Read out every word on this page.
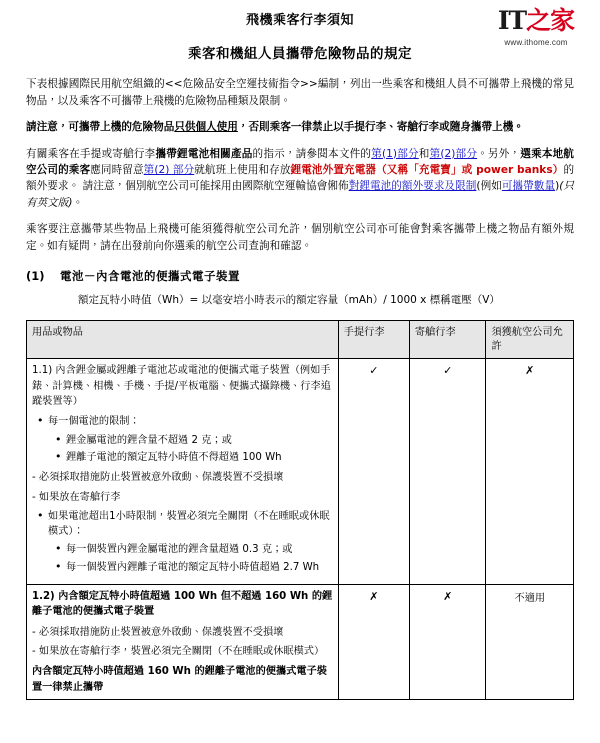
IT之家
www.ithome.com
飛機乘客行李須知
乘客和機組人員攜帶危險物品的規定

下表根據國際民用航空組織的<<危險品安全空運技術指令>>編制，列出一些乘客和機組人員不可攜帶上飛機的常見物品，以及乘客不可攜帶上飛機的危險物品種類及限制。

請注意，可攜帶上機的危險物品只供個人使用，否則乘客一律禁止以手提行李、寄艙行李或隨身攜帶上機。

有關乘客在手提或寄艙行李攜帶鋰電池相關產品的指示，請參閱本文件的第(1)部分和第(2)部分。另外，選乘本地航空公司的乘客應同時留意第(2) 部分就航班上使用和存放鋰電池外置充電器（又稱「充電寶」或 power banks）的額外要求。 請注意，個別航空公司可能採用由國際航空運輸協會俰佈對鋰電池的額外要求及限制(例如可攜帶數量)(只有英文版)。

乘客要注意攜帶某些物品上飛機可能須獲得航空公司允許，個別航空公司亦可能會對乘客攜帶上機之物品有額外規定。如有疑問，請在出發前向你選乘的航空公司查詢和確認。

(1)	電池－內含電池的便攜式電子裝置
額定瓦特小時值（Wh）= 以毫安培小時表示的額定容量（mAh）/ 1000 x 標稱電壓（V）
用品或物品	手提行李	寄艙行李	須獲航空公司允許

1.1) 內含鋰金屬或鋰離子電池芯或電池的便攜式電子裝置（例如手錶、計算機、相機、手機、手提/平板電腦、便攜式攝錄機、行李追蹤裝置等）

• 每一個電池的限制：
• 鋰金屬電池的鋰含量不超過 2 克；或
• 鋰離子電池的額定瓦特小時值不得超過 100 Wh

- 必須採取措施防止裝置被意外啟動、保護裝置不受損壞

- 如果放在寄艙行李

• 如果電池超出1小時限制，裝置必須完全關閉（不在睡眠或休眠模式）：
• 每一個裝置內鋰金屬電池的鋰含量超過 0.3 克；或
• 每一個裝置內鋰離子電池的額定瓦特小時值超過 2.7 Wh
	✓	✓	✗

1.2) 內含額定瓦特小時值超過 100 Wh 但不超過 160 Wh 的鋰離子電池的便攜式電子裝置

- 必須採取措施防止裝置被意外啟動、保護裝置不受損壞

- 如果放在寄艙行李，裝置必須完全關閉（不在睡眠或休眠模式）

內含額定瓦特小時值超過 160 Wh 的鋰離子電池的便攜式電子裝置一律禁止攜帶	✗	✗	不適用
